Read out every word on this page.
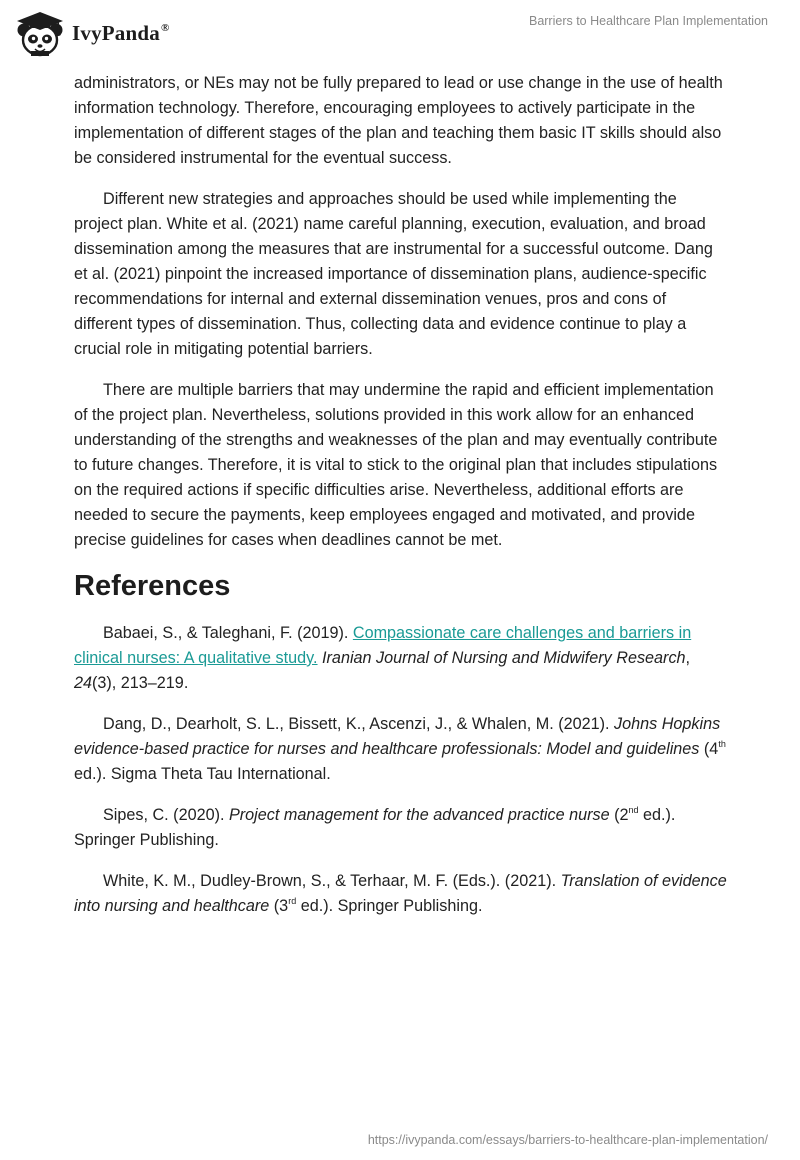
IvyPanda®	Barriers to Healthcare Plan Implementation

administrators, or NEs may not be fully prepared to lead or use change in the use of health information technology. Therefore, encouraging employees to actively participate in the implementation of different stages of the plan and teaching them basic IT skills should also be considered instrumental for the eventual success.

Different new strategies and approaches should be used while implementing the project plan. White et al. (2021) name careful planning, execution, evaluation, and broad dissemination among the measures that are instrumental for a successful outcome. Dang et al. (2021) pinpoint the increased importance of dissemination plans, audience-specific recommendations for internal and external dissemination venues, pros and cons of different types of dissemination. Thus, collecting data and evidence continue to play a crucial role in mitigating potential barriers.

There are multiple barriers that may undermine the rapid and efficient implementation of the project plan. Nevertheless, solutions provided in this work allow for an enhanced understanding of the strengths and weaknesses of the plan and may eventually contribute to future changes. Therefore, it is vital to stick to the original plan that includes stipulations on the required actions if specific difficulties arise. Nevertheless, additional efforts are needed to secure the payments, keep employees engaged and motivated, and provide precise guidelines for cases when deadlines cannot be met.

References

Babaei, S., & Taleghani, F. (2019). Compassionate care challenges and barriers in clinical nurses: A qualitative study. Iranian Journal of Nursing and Midwifery Research, 24(3), 213–219.

Dang, D., Dearholt, S. L., Bissett, K., Ascenzi, J., & Whalen, M. (2021). Johns Hopkins evidence-based practice for nurses and healthcare professionals: Model and guidelines (4th ed.). Sigma Theta Tau International.

Sipes, C. (2020). Project management for the advanced practice nurse (2nd ed.). Springer Publishing.

White, K. M., Dudley-Brown, S., & Terhaar, M. F. (Eds.). (2021). Translation of evidence into nursing and healthcare (3rd ed.). Springer Publishing.

https://ivypanda.com/essays/barriers-to-healthcare-plan-implementation/
